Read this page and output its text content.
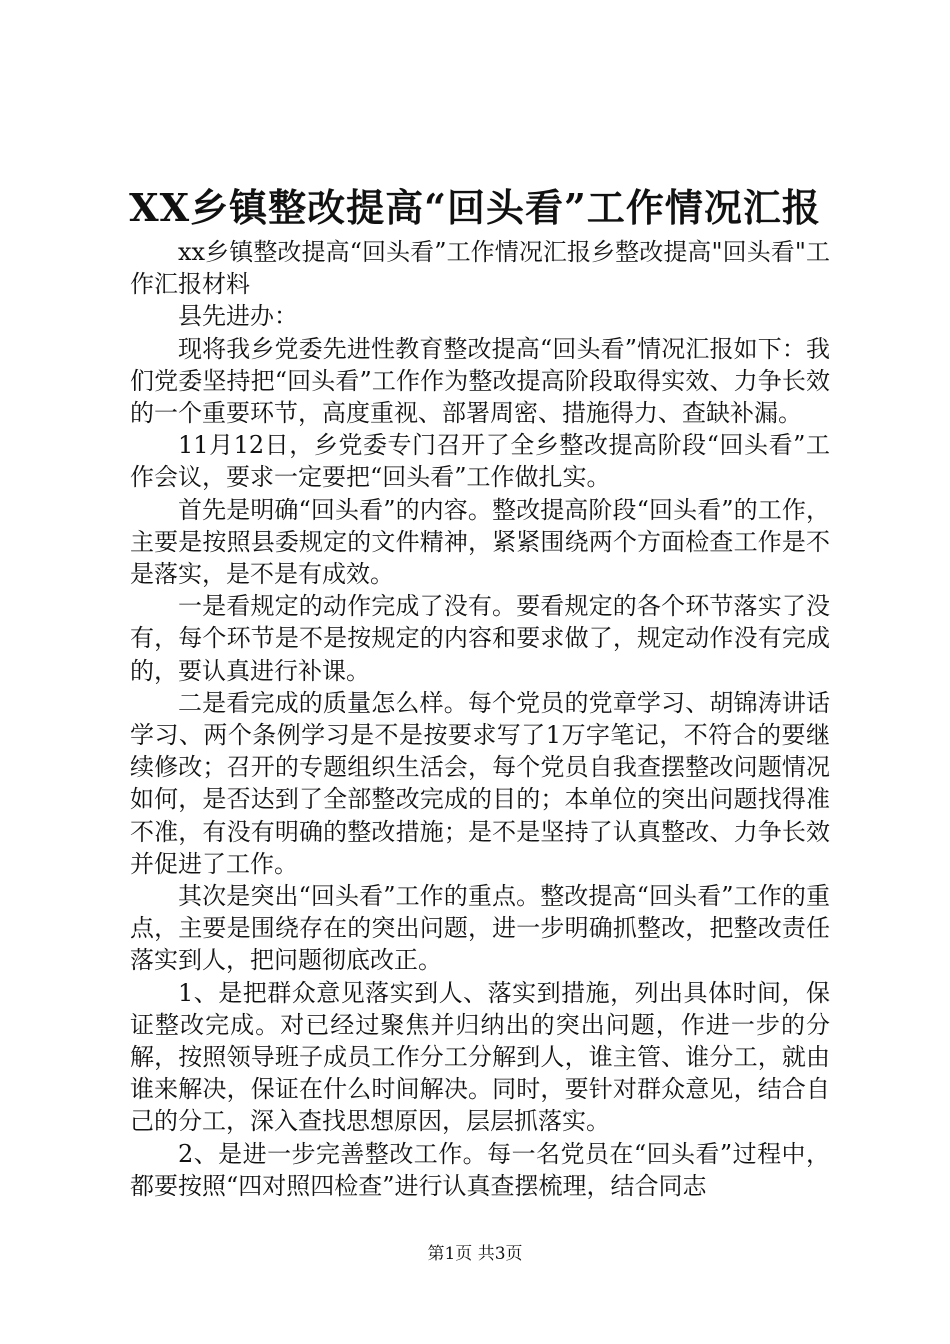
XX乡镇整改提高“回头看”工作情况汇报

xx乡镇整改提高“回头看”工作情况汇报乡整改提高"回头看"工作汇报材料

县先进办：

现将我乡党委先进性教育整改提高“回头看”情况汇报如下：我们党委坚持把“回头看”工作作为整改提高阶段取得实效、力争长效的一个重要环节，高度重视、部署周密、措施得力、查缺补漏。

11月12日，乡党委专门召开了全乡整改提高阶段“回头看”工作会议，要求一定要把“回头看”工作做扎实。

首先是明确“回头看”的内容。整改提高阶段“回头看”的工作，主要是按照县委规定的文件精神，紧紧围绕两个方面检查工作是不是落实，是不是有成效。

一是看规定的动作完成了没有。要看规定的各个环节落实了没有，每个环节是不是按规定的内容和要求做了，规定动作没有完成的，要认真进行补课。

二是看完成的质量怎么样。每个党员的党章学习、胡锦涛讲话学习、两个条例学习是不是按要求写了1万字笔记，不符合的要继续修改；召开的专题组织生活会，每个党员自我查摆整改问题情况如何，是否达到了全部整改完成的目的；本单位的突出问题找得准不准，有没有明确的整改措施；是不是坚持了认真整改、力争长效并促进了工作。

其次是突出“回头看”工作的重点。整改提高“回头看”工作的重点，主要是围绕存在的突出问题，进一步明确抓整改，把整改责任落实到人，把问题彻底改正。

1、是把群众意见落实到人、落实到措施，列出具体时间，保证整改完成。对已经过聚焦并归纳出的突出问题，作进一步的分解，按照领导班子成员工作分工分解到人，谁主管、谁分工，就由谁来解决，保证在什么时间解决。同时，要针对群众意见，结合自己的分工，深入查找思想原因，层层抓落实。

2、是进一步完善整改工作。每一名党员在“回头看”过程中，都要按照“四对照四检查”进行认真查摆梳理，结合同志

第1页 共3页
